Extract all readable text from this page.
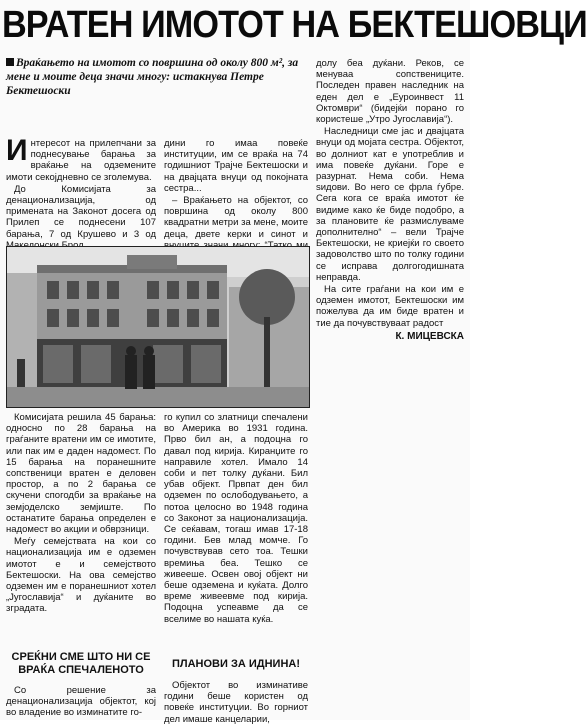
ВРАТЕН ИМОТОТ НА БЕКТЕШОВЦИ

Враќањето на имотот со површина од околу 800 м², за мене и моите деца значи многу: истакнува Петре Бектешоски

Интересот на прилепчани за поднесување барања за враќање на одземените имоти секојдневно се зголемува.

До Комисијата за денационализација, од примената на Законот досега од Прилеп се поднесени 107 барања, 7 од Крушево и 3 од

дини го имаа повеќе институции, им се враќа на 74 годишниот Трајче Бектешоски и на двајцата внуци од покојната сестра...

– Враќањето на објектот, со површина од околу 800 квадратни метри за мене, моите деца, двете керки и синот и

Комисијата решила 45 барања: односно по 28 барања на граѓаните вратени им се имотите, или пак им е даден надомест. По 15 барања на поранешните сопственици вратен е деловен простор, а по 2 барања се скучени спогодби за враќање на земјоделско земјиште. По останатите барања определен е надомест во акции и обврзници.

Меѓу семејствата на кои со национализација им е одземен имотот е и семејството Бектешоски. На ова семејство одземен им е поранешниот хотел „Југославија“ и дуќаните во зградата.

СРЕЌНИ СМЕ ШТО НИ СЕ ВРАЌА СПЕЧАЛЕНОТО

Со решение за денационализација објектот, кој во владение во изминатите го-

го купил со златници спечалени во Америка во 1931 година. Прво бил ан, а подоцна го давал под кирија. Киранџите го направиле хотел. Имало 14 соби и пет толку дуќани. Бил убав објект. Првпат ден бил одземен по ослободувањето, а потоа целосно во 1948 година со Законот за национализација. Се сеќавам, тогаш имав 17-18 години. Бев млад момче. Го почувствував сето тоа. Тешки времиња беа. Тешко се живееше. Освен овој објект ни беше одземена и куќата. Долго време живеевме под кирија. Подоцна успеавме да се вселиме во нашата куќа.

ПЛАНОВИ ЗА ИДНИНА!

Објектот во изминативе години беше користен од повеќе институции. Во горниот дел имаше канцеларии,

долу беа дуќани. Реков, се менуваа сопствениците. Последен правен наследник на еден дел е „Еуроинвест 11 Октомври“ (бидејќи порано го користеше „Утро Југославија“).

Наследници сме јас и двајцата внуци од мојата сестра. Објектот, во долниот кат е употреблив и има повеќе дуќани. Горе е разурнат. Нема соби. Нема ѕидови. Во него се фрла ѓубре. Сега кога се враќа имотот ќе видиме како ќе биде подобро, а за плановите ќе размислуваме дополнително“ – вели Трајче Бектешоски, не криејќи го своето задоволство што по толку години се исправа долгогодишната неправда.

На сите граѓани на кои им е одземен имотот, Бектешоски им пожелува да им биде вратен и тие да почувствуваат радост

К. МИЦЕВСКА
